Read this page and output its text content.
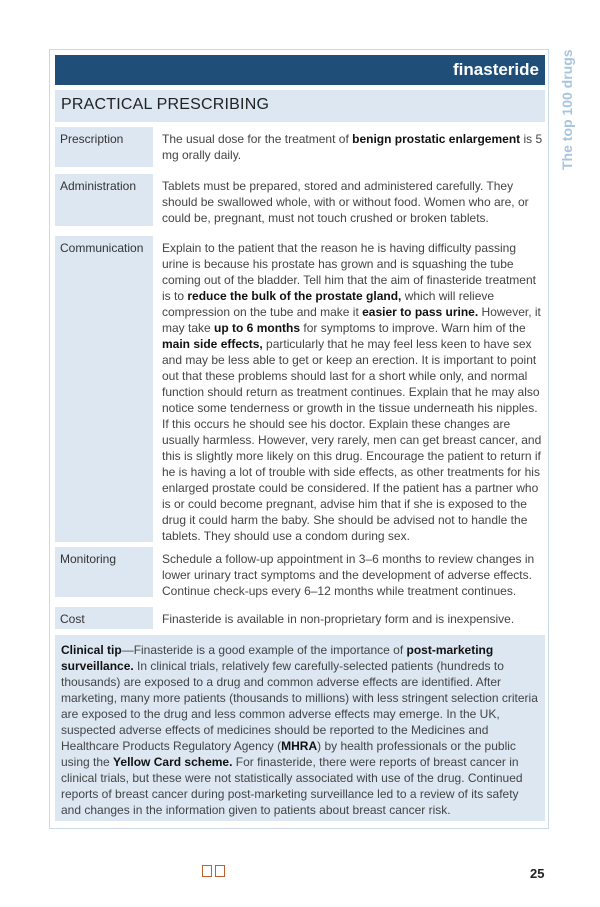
finasteride The top 100 drugs
PRACTICAL PRESCRIBING
Prescription	The usual dose for the treatment of benign prostatic enlargement is 5 mg orally daily.
Administration	Tablets must be prepared, stored and administered carefully. They should be swallowed whole, with or without food. Women who are, or could be, pregnant, must not touch crushed or broken tablets.
Communication	Explain to the patient that the reason he is having difficulty passing urine is because his prostate has grown and is squashing the tube coming out of the bladder. Tell him that the aim of finasteride treatment is to reduce the bulk of the prostate gland, which will relieve compression on the tube and make it easier to pass urine. However, it may take up to 6 months for symptoms to improve. Warn him of the main side effects, particularly that he may feel less keen to have sex and may be less able to get or keep an erection. It is important to point out that these problems should last for a short while only, and normal function should return as treatment continues. Explain that he may also notice some tenderness or growth in the tissue underneath his nipples. If this occurs he should see his doctor. Explain these changes are usually harmless. However, very rarely, men can get breast cancer, and this is slightly more likely on this drug. Encourage the patient to return if he is having a lot of trouble with side effects, as other treatments for his enlarged prostate could be considered. If the patient has a partner who is or could become pregnant, advise him that if she is exposed to the drug it could harm the baby. She should be advised not to handle the tablets. They should use a condom during sex.
Monitoring	Schedule a follow-up appointment in 3–6 months to review changes in lower urinary tract symptoms and the development of adverse effects. Continue check-ups every 6–12 months while treatment continues.
Cost	Finasteride is available in non-proprietary form and is inexpensive.
Clinical tip—Finasteride is a good example of the importance of post-marketing surveillance. In clinical trials, relatively few carefully-selected patients (hundreds to thousands) are exposed to a drug and common adverse effects are identified. After marketing, many more patients (thousands to millions) with less stringent selection criteria are exposed to the drug and less common adverse effects may emerge. In the UK, suspected adverse effects of medicines should be reported to the Medicines and Healthcare Products Regulatory Agency (MHRA) by health professionals or the public using the Yellow Card scheme. For finasteride, there were reports of breast cancer in clinical trials, but these were not statistically associated with use of the drug. Continued reports of breast cancer during post-marketing surveillance led to a review of its safety and changes in the information given to patients about breast cancer risk.
25
